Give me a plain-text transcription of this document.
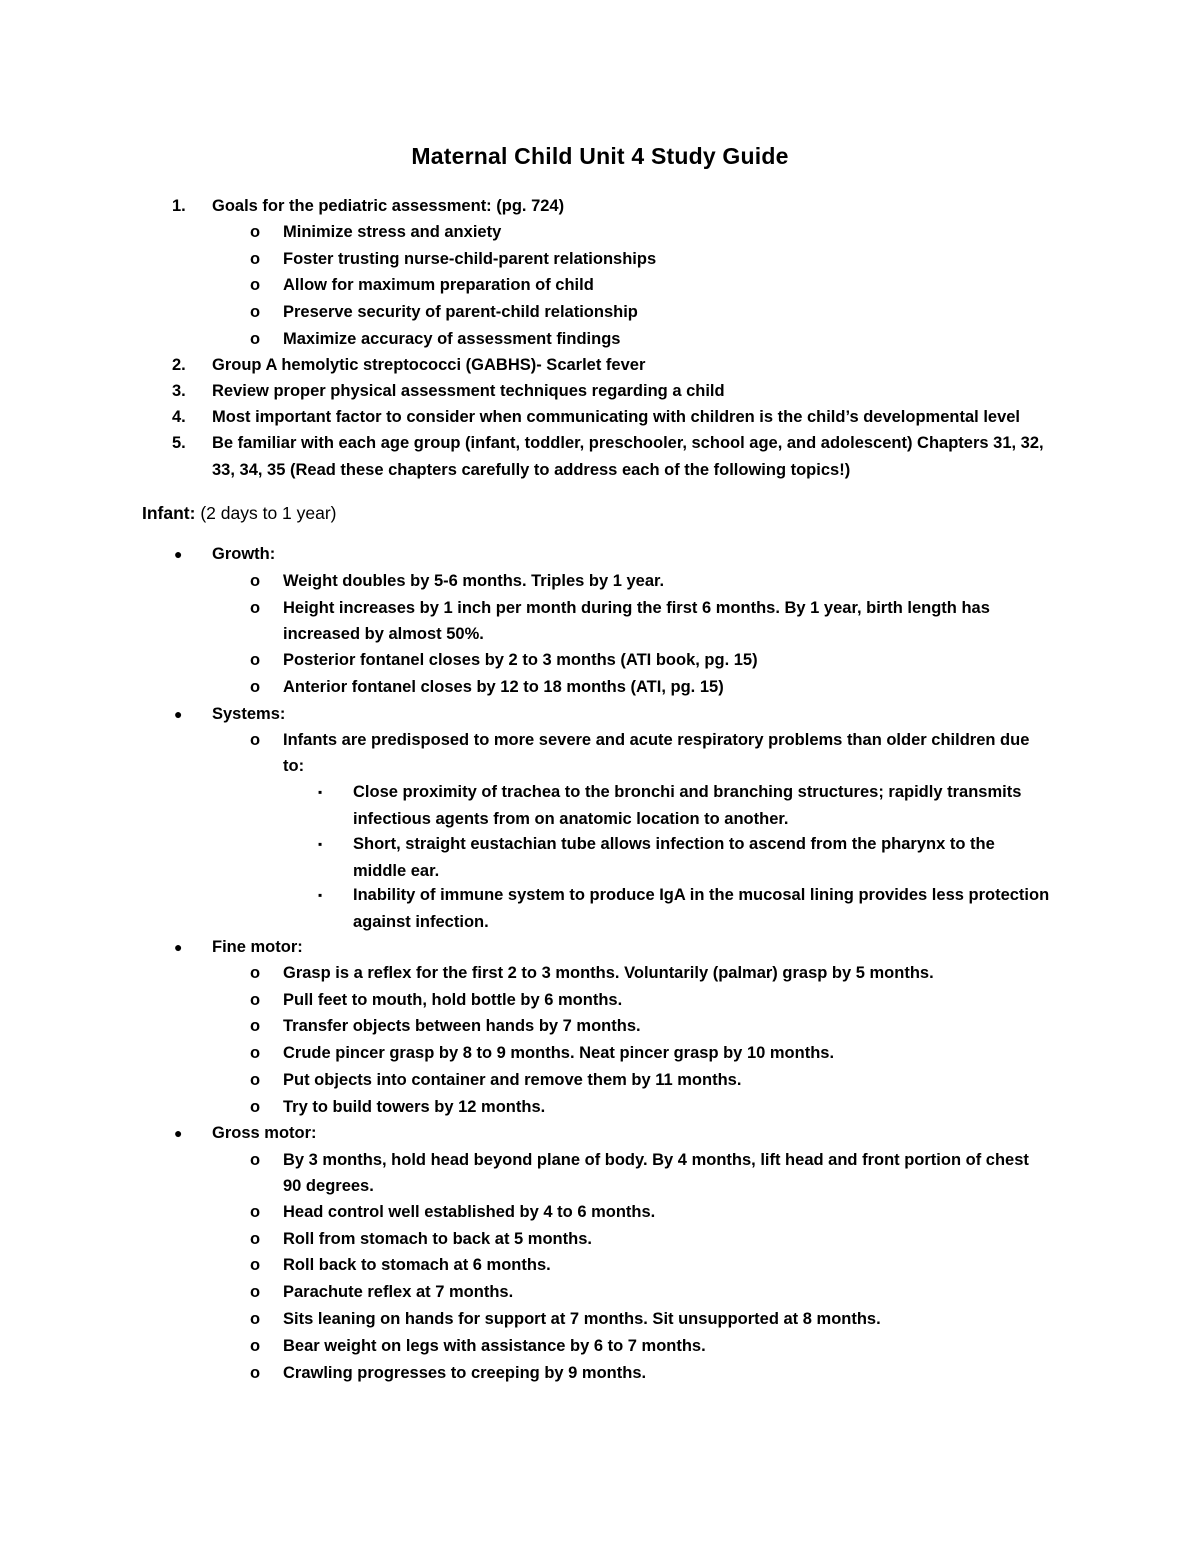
Maternal Child Unit 4 Study Guide
1.	Goals for the pediatric assessment: (pg. 724)
o Minimize stress and anxiety
o Foster trusting nurse-child-parent relationships
o Allow for maximum preparation of child
o Preserve security of parent-child relationship
o Maximize accuracy of assessment findings
2.	Group A hemolytic streptococci (GABHS)- Scarlet fever
3.	Review proper physical assessment techniques regarding a child
4.	Most important factor to consider when communicating with children is the child’s developmental level
5.	Be familiar with each age group (infant, toddler, preschooler, school age, and adolescent) Chapters 31, 32,
33, 34, 35 (Read these chapters carefully to address each of the following topics!)
Infant: (2 days to 1 year)
● Growth:
o Weight doubles by 5-6 months. Triples by 1 year.
o Height increases by 1 inch per month during the first 6 months. By 1 year, birth length has
increased by almost 50%.
o Posterior fontanel closes by 2 to 3 months (ATI book, pg. 15)
o Anterior fontanel closes by 12 to 18 months (ATI, pg. 15)
● Systems:
o Infants are predisposed to more severe and acute respiratory problems than older children due
to:
▪ Close proximity of trachea to the bronchi and branching structures; rapidly transmits
infectious agents from on anatomic location to another.
▪ Short, straight eustachian tube allows infection to ascend from the pharynx to the
middle ear.
▪ Inability of immune system to produce IgA in the mucosal lining provides less protection
against infection.
● Fine motor:
o Grasp is a reflex for the first 2 to 3 months. Voluntarily (palmar) grasp by 5 months.
o Pull feet to mouth, hold bottle by 6 months.
o Transfer objects between hands by 7 months.
o Crude pincer grasp by 8 to 9 months. Neat pincer grasp by 10 months.
o Put objects into container and remove them by 11 months.
o Try to build towers by 12 months.
● Gross motor:
o By 3 months, hold head beyond plane of body. By 4 months, lift head and front portion of chest
90 degrees.
o Head control well established by 4 to 6 months.
o Roll from stomach to back at 5 months.
o Roll back to stomach at 6 months.
o Parachute reflex at 7 months.
o Sits leaning on hands for support at 7 months. Sit unsupported at 8 months.
o Bear weight on legs with assistance by 6 to 7 months.
o Crawling progresses to creeping by 9 months.
